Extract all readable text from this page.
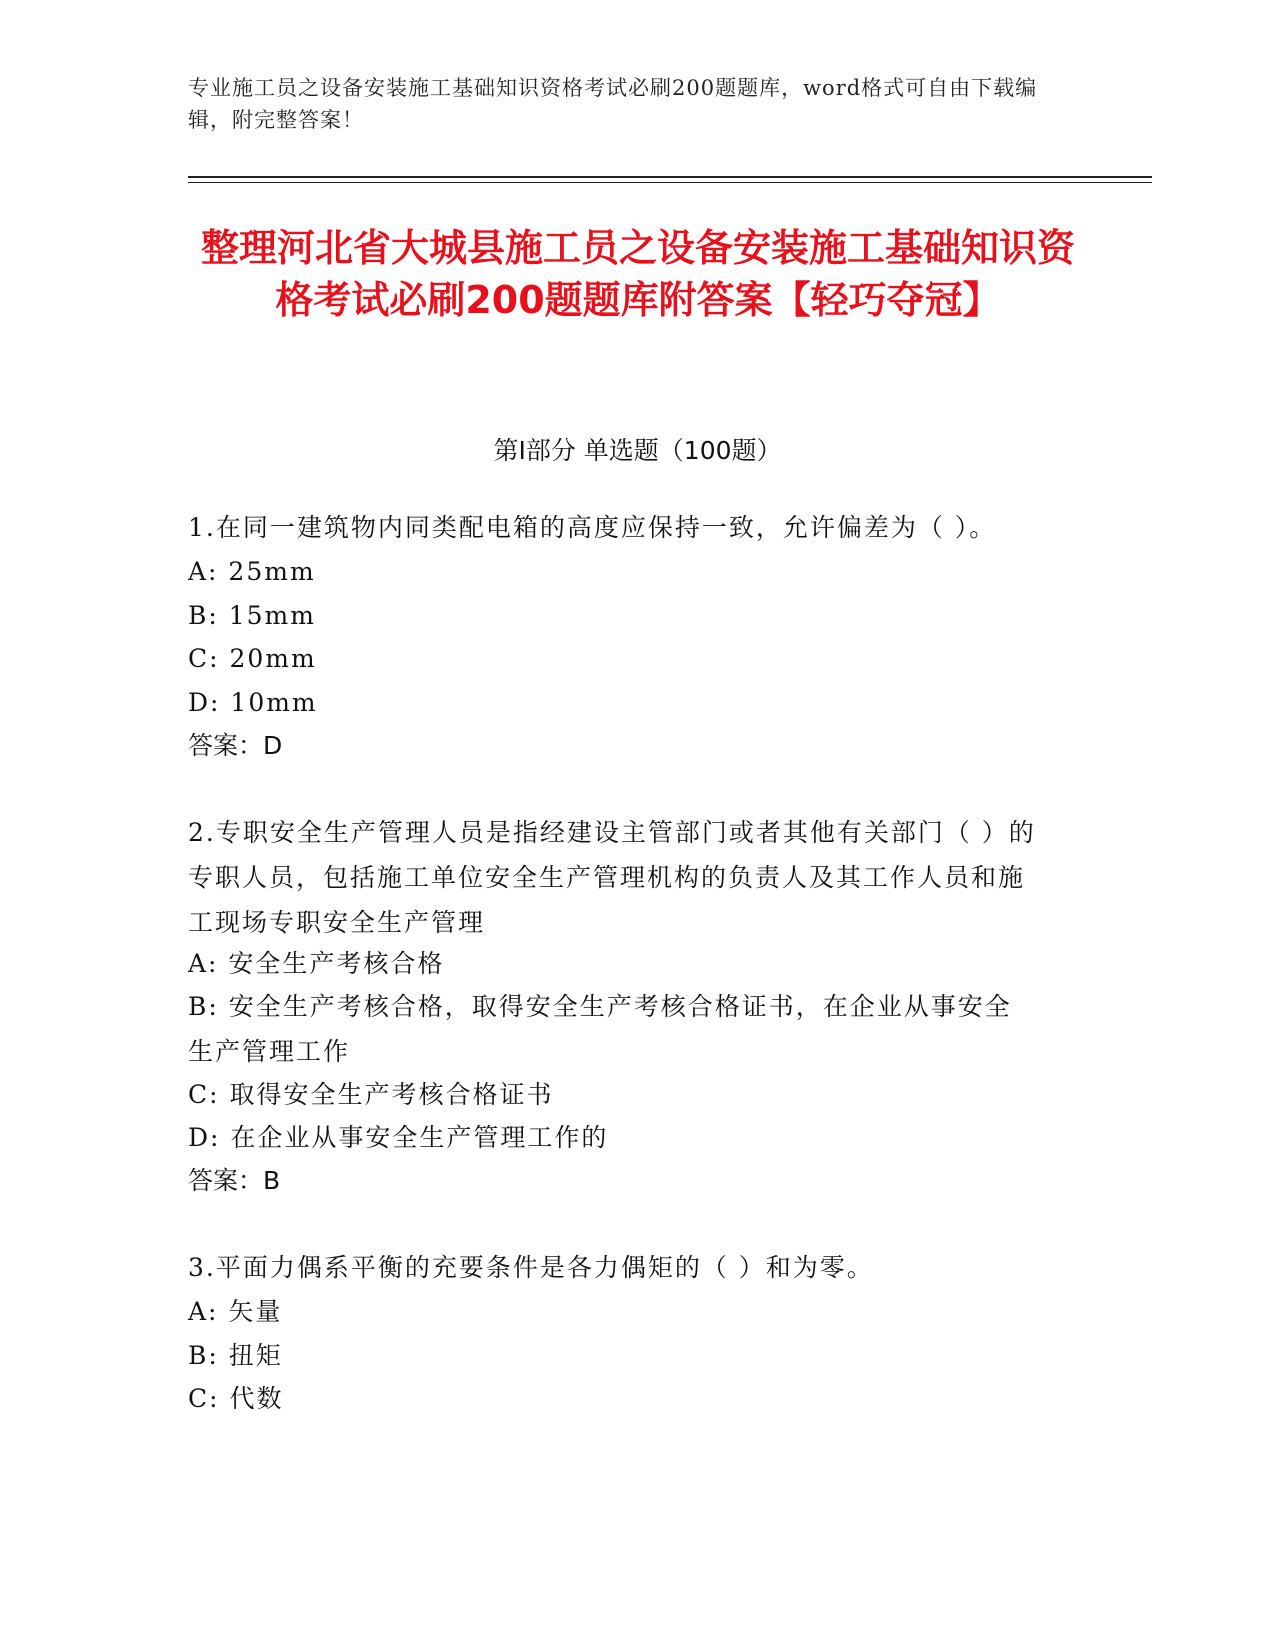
专业施工员之设备安装施工基础知识资格考试必刷200题题库，word格式可自由下载编辑，附完整答案！
整理河北省大城县施工员之设备安装施工基础知识资格考试必刷200题题库附答案【轻巧夺冠】
第I部分 单选题（100题）
1.在同一建筑物内同类配电箱的高度应保持一致，允许偏差为（ ）。
A: 25mm
B: 15mm
C: 20mm
D: 10mm
答案：D
2.专职安全生产管理人员是指经建设主管部门或者其他有关部门（ ）的专职人员，包括施工单位安全生产管理机构的负责人及其工作人员和施工现场专职安全生产管理
A: 安全生产考核合格
B: 安全生产考核合格，取得安全生产考核合格证书，在企业从事安全生产管理工作
C: 取得安全生产考核合格证书
D: 在企业从事安全生产管理工作的
答案：B
3.平面力偶系平衡的充要条件是各力偶矩的（ ）和为零。
A: 矢量
B: 扭矩
C: 代数
